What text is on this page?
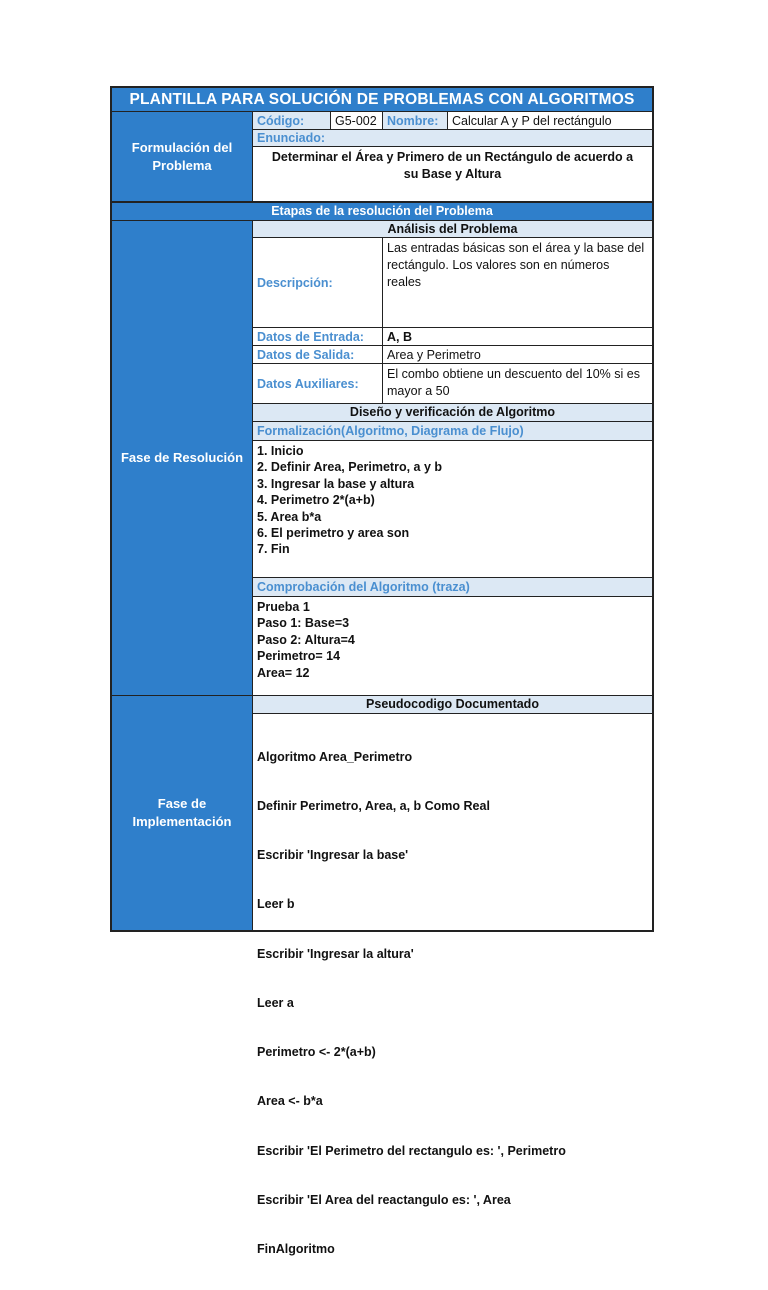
PLANTILLA PARA SOLUCIÓN DE PROBLEMAS CON ALGORITMOS
Formulación del Problema
Código:	G5-002 Nombre:	Calcular A y P del rectángulo
Enunciado:
Determinar el Área y Primero de un Rectángulo de acuerdo a su Base y Altura
Etapas de la resolución del Problema
Fase de Resolución
Análisis del Problema
Descripción:
Las entradas básicas son el área y la base del rectángulo. Los valores son en números reales
Datos de Entrada:	A, B
Datos de Salida:	Area y Perimetro
Datos Auxiliares:
El combo obtiene un descuento del 10% si es mayor a 50
Diseño y verificación de Algoritmo
Formalización(Algoritmo, Diagrama de Flujo)
1. Inicio
2. Definir Area, Perimetro, a y b
3. Ingresar la base y altura
4. Perimetro 2*(a+b)
5. Area b*a
6. El perimetro y area son
7. Fin
Comprobación del Algoritmo (traza)
Prueba 1
Paso 1: Base=3
Paso 2: Altura=4
Perimetro= 14
Area= 12
Fase de Implementación
Pseudocodigo Documentado

Algoritmo Area_Perimetro

Definir Perimetro, Area, a, b Como Real

Escribir 'Ingresar la base'

Leer b

Escribir 'Ingresar la altura'

Leer a

Perimetro <- 2*(a+b)

Area <- b*a

Escribir 'El Perimetro del rectangulo es: ', Perimetro

Escribir 'El Area del reactangulo es: ', Area

FinAlgoritmo
